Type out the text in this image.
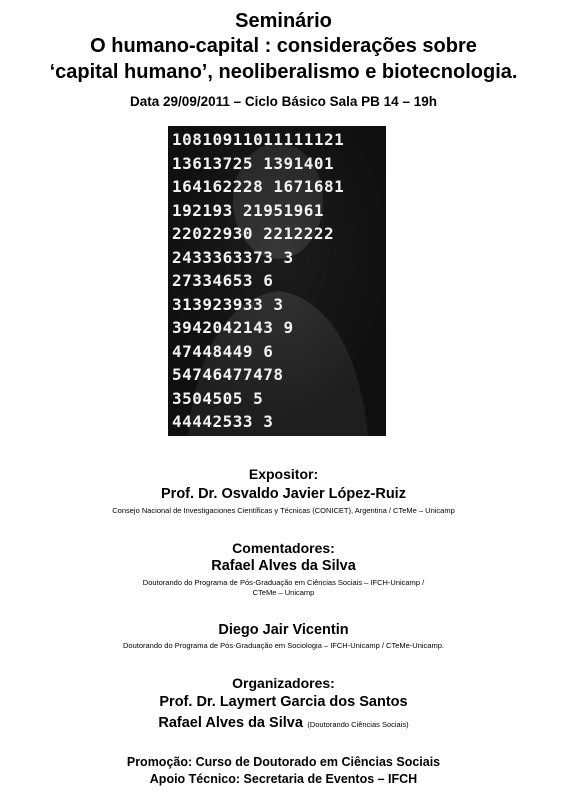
Seminário
O humano-capital : considerações sobre
‘capital humano’, neoliberalismo e biotecnologia.
Data 29/09/2011 – Ciclo Básico Sala PB 14 – 19h
10810911011111121
13613725 1391401
164162228 1671681
192193 21951961
22022930 2212222
2433363373 3
27334653 6
313923933 3
3942042143 9
47448449 6
54746477478
3504505 5
44442533 3
Expositor:
Prof. Dr. Osvaldo Javier López-Ruiz
Consejo Nacional de Investigaciones Científicas y Técnicas (CONICET), Argentina / CTeMe – Unicamp
Comentadores:
Rafael Alves da Silva
Doutorando do Programa de Pós-Graduação em Ciências Sociais – IFCH-Unicamp /
CTeMe – Unicamp
Diego Jair Vicentin
Doutorando do Programa de Pós-Graduação em Sociologia – IFCH-Unicamp / CTeMe-Unicamp.
Organizadores:
Prof. Dr. Laymert Garcia dos Santos
Rafael Alves da Silva (Doutorando Ciências Sociais)
Promoção: Curso de Doutorado em Ciências Sociais
Apoio Técnico: Secretaria de Eventos – IFCH
